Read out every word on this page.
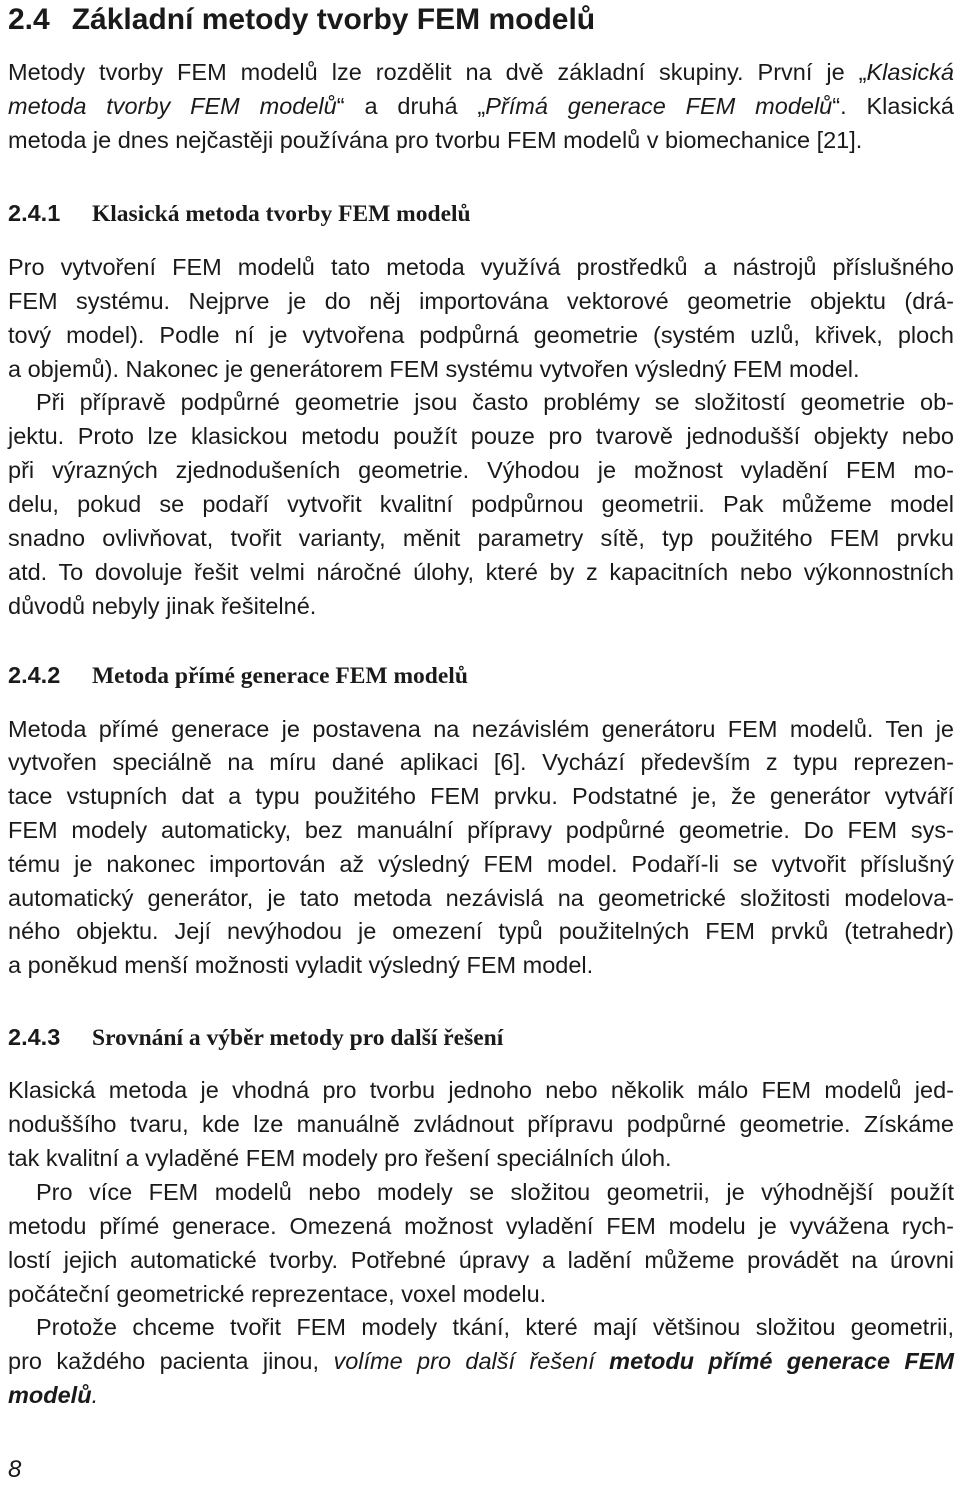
2.4 Základní metody tvorby FEM modelů
Metody tvorby FEM modelů lze rozdělit na dvě základní skupiny. První je „Klasická
metoda tvorby FEM modelů“ a druhá „Přímá generace FEM modelů“. Klasická
metoda je dnes nejčastěji používána pro tvorbu FEM modelů v biomechanice [21].
2.4.1 Klasická metoda tvorby FEM modelů
Pro vytvoření FEM modelů tato metoda využívá prostředků a nástrojů příslušného
FEM systému. Nejprve je do něj importována vektorové geometrie objektu (drá-
tový model). Podle ní je vytvořena podpůrná geometrie (systém uzlů, křivek, ploch
a objemů). Nakonec je generátorem FEM systému vytvořen výsledný FEM model.
Při přípravě podpůrné geometrie jsou často problémy se složitostí geometrie ob-
jektu. Proto lze klasickou metodu použít pouze pro tvarově jednodušší objekty nebo
při výrazných zjednodušeních geometrie. Výhodou je možnost vyladění FEM mo-
delu, pokud se podaří vytvořit kvalitní podpůrnou geometrii. Pak můžeme model
snadno ovlivňovat, tvořit varianty, měnit parametry sítě, typ použitého FEM prvku
atd. To dovoluje řešit velmi náročné úlohy, které by z kapacitních nebo výkonnostních
důvodů nebyly jinak řešitelné.
2.4.2 Metoda přímé generace FEM modelů
Metoda přímé generace je postavena na nezávislém generátoru FEM modelů. Ten je
vytvořen speciálně na míru dané aplikaci [6]. Vychází především z typu reprezen-
tace vstupních dat a typu použitého FEM prvku. Podstatné je, že generátor vytváří
FEM modely automaticky, bez manuální přípravy podpůrné geometrie. Do FEM sys-
tému je nakonec importován až výsledný FEM model. Podaří-li se vytvořit příslušný
automatický generátor, je tato metoda nezávislá na geometrické složitosti modelova-
ného objektu. Její nevýhodou je omezení typů použitelných FEM prvků (tetrahedr)
a poněkud menší možnosti vyladit výsledný FEM model.
2.4.3 Srovnání a výběr metody pro další řešení
Klasická metoda je vhodná pro tvorbu jednoho nebo několik málo FEM modelů jed-
noduššího tvaru, kde lze manuálně zvládnout přípravu podpůrné geometrie. Získáme
tak kvalitní a vyladěné FEM modely pro řešení speciálních úloh.
Pro více FEM modelů nebo modely se složitou geometrii, je výhodnější použít
metodu přímé generace. Omezená možnost vyladění FEM modelu je vyvážena rych-
lostí jejich automatické tvorby. Potřebné úpravy a ladění můžeme provádět na úrovni
počáteční geometrické reprezentace, voxel modelu.
Protože chceme tvořit FEM modely tkání, které mají většinou složitou geometrii,
pro každého pacienta jinou, volíme pro další řešení metodu přímé generace FEM
modelů.
8
